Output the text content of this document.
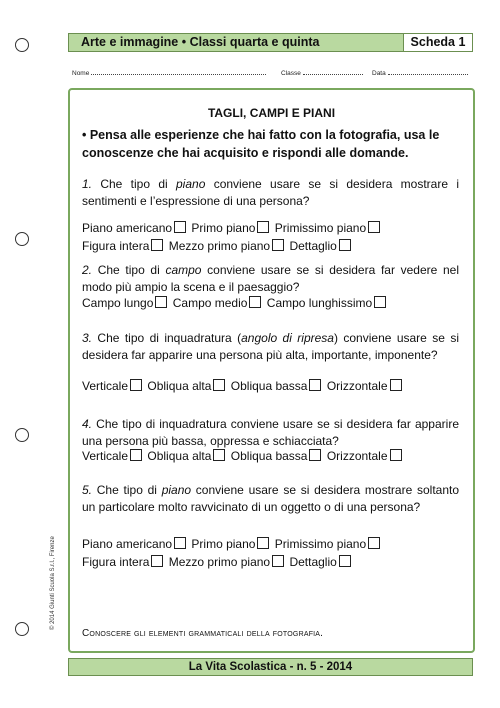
Arte e immagine • Classi quarta e quinta	Scheda 1
Nome	Classe	Data
© 2014 Giunti Scuola S.r.l., Firenze
TAGLI, CAMPI E PIANI
• Pensa alle esperienze che hai fatto con la fotografia, usa le conoscenze che hai acquisito e rispondi alle domande.
1. Che tipo di piano conviene usare se si desidera mostrare i sentimenti e l’espressione di una persona?
Piano americano Primo piano Primissimo piano
Figura intera Mezzo primo piano Dettaglio
2. Che tipo di campo conviene usare se si desidera far vedere nel modo più ampio la scena e il paesaggio?
Campo lungo Campo medio Campo lunghissimo
3. Che tipo di inquadratura (angolo di ripresa) conviene usare se si desidera far apparire una persona più alta, importante, imponente?
Verticale Obliqua alta Obliqua bassa Orizzontale
4. Che tipo di inquadratura conviene usare se si desidera far apparire una persona più bassa, oppressa e schiacciata?
Verticale Obliqua alta Obliqua bassa Orizzontale
5. Che tipo di piano conviene usare se si desidera mostrare soltanto un particolare molto ravvicinato di un oggetto o di una persona?
Piano americano Primo piano Primissimo piano
Figura intera Mezzo primo piano Dettaglio
Conoscere gli elementi grammaticali della fotografia.
La Vita Scolastica - n. 5 - 2014
